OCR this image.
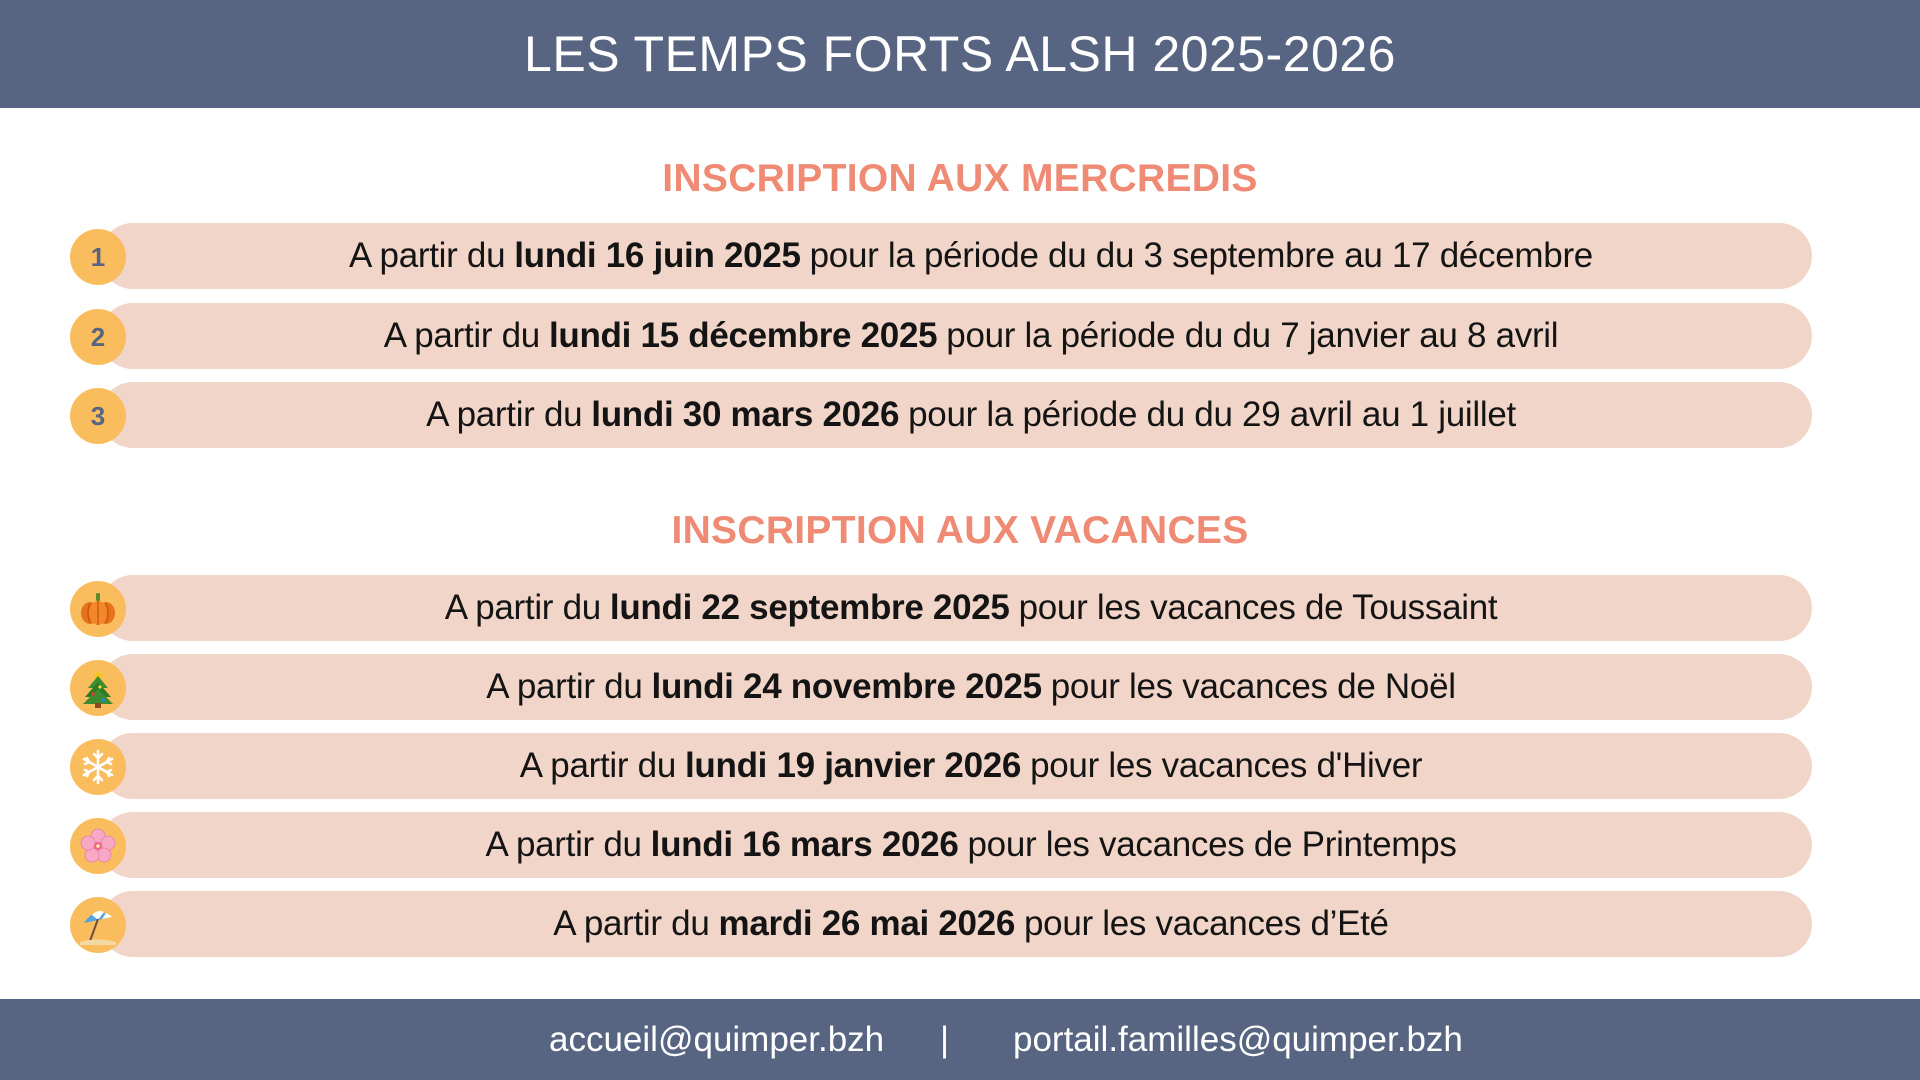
LES TEMPS FORTS ALSH 2025-2026
INSCRIPTION AUX MERCREDIS
1	A partir du lundi 16 juin 2025 pour la période du du 3 septembre au 17 décembre
2	A partir du lundi 15 décembre 2025 pour la période du du 7 janvier au 8 avril
3	A partir du lundi 30 mars 2026 pour la période du du 29 avril au 1 juillet
INSCRIPTION AUX VACANCES
A partir du lundi 22 septembre 2025 pour les vacances de Toussaint
A partir du lundi 24 novembre 2025 pour les vacances de Noël
A partir du lundi 19 janvier 2026 pour les vacances d'Hiver
A partir du lundi 16 mars 2026 pour les vacances de Printemps
A partir du mardi 26 mai 2026 pour les vacances d’Eté
accueil@quimper.bzh | portail.familles@quimper.bzh
